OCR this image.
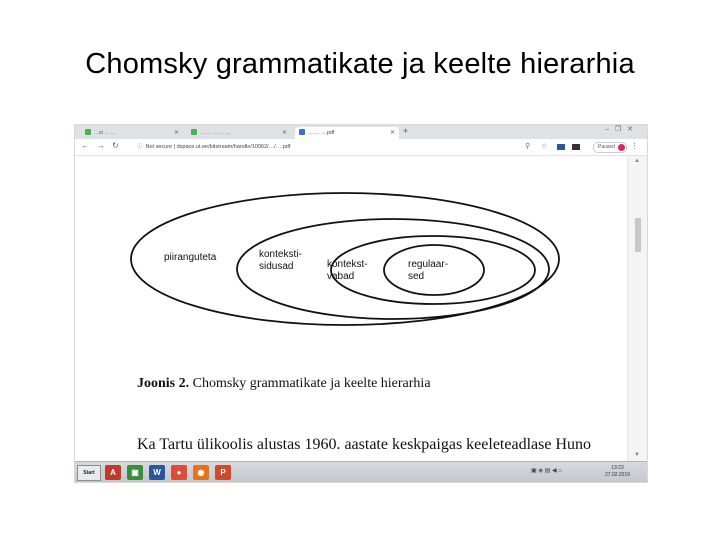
Chomsky grammatikate ja keelte hierarhia
…st … …	✕	… … … … …	✕	… … ….pdf	✕ +	–❐✕
← → ↻	ⓘ Not secure | dspace.ut.ee/bitstream/handle/10062/…/….pdf	⚲ ☆	Paused	⋮
piiranguteta	konteksti-
sidusad	kontekst-
vabad
regulaar-
sed
Joonis 2. Chomsky grammatikate ja keelte hierarhia
Ka Tartu ülikoolis alustas 1960. aastate keskpaigas keeleteadlase Huno
▲
▼
Start	A	▣	W	●	◉	P	▣ ◈ ▤ ◀ ⌂	13:23
27.02.2019
